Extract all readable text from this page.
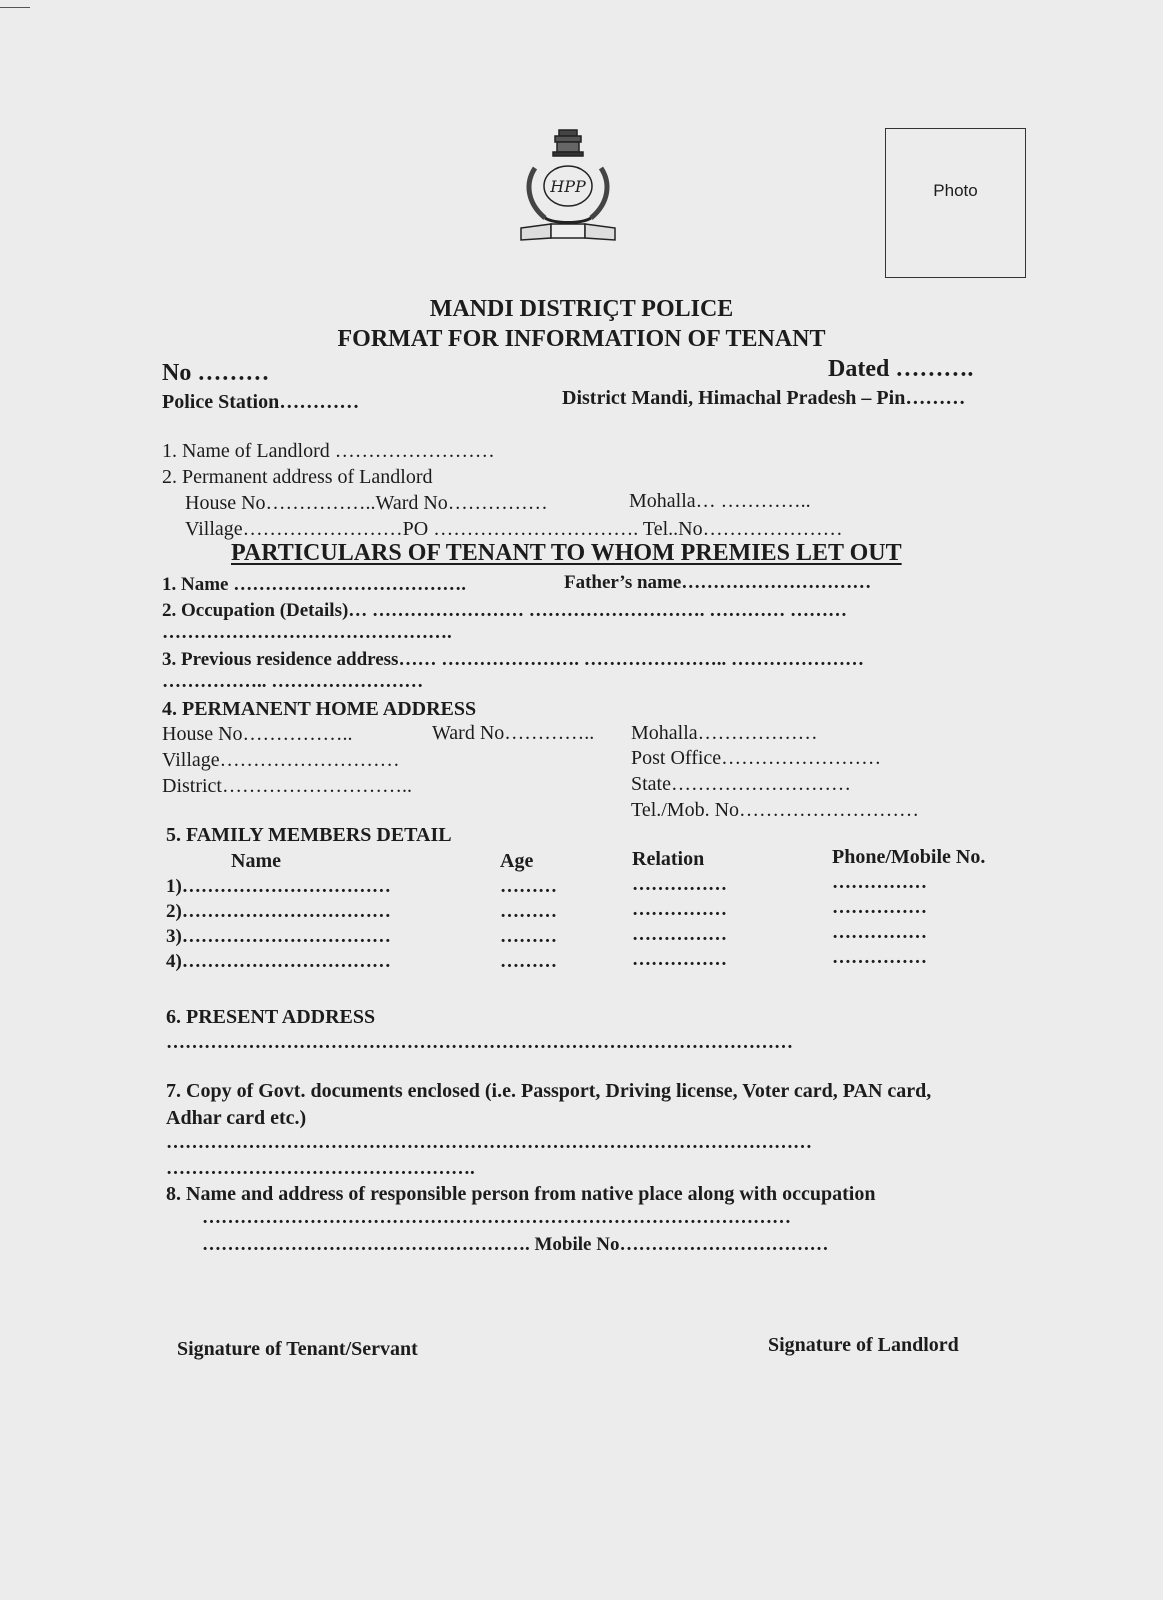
HPP	Photo
MANDI DISTRIÇT POLICE
FORMAT FOR INFORMATION OF TENANT
No ………	Dated ……….
Police Station…………	District Mandi, Himachal Pradesh – Pin………
1. Name of Landlord ……………………
2. Permanent address of Landlord
House No……………..Ward No……………	Mohalla… …………..
Village……………………PO …………………………. Tel..No…………………
PARTICULARS OF TENANT TO WHOM PREMIES LET OUT
1. Name ……………………………….	Father’s name…………………………
2. Occupation (Details)… …………………… ………………………. ………… ………
……………………………………….
3. Previous residence address…… …………………. ………………….. …………………
…………….. ……………………
4. PERMANENT HOME ADDRESS
House No……………..	Ward No………….. Mohalla………………
Village………………………	Post Office……………………
District………………………..	State………………………
Tel./Mob. No………………………
5. FAMILY MEMBERS DETAIL
Name	Age	Relation	Phone/Mobile No.
1)……………………………	………	……………	……………
2)……………………………	………	……………	……………
3)……………………………	………	……………	……………
4)……………………………	………	……………	……………
6. PRESENT ADDRESS
………………………………………………………………………………………
7. Copy of Govt. documents enclosed (i.e. Passport, Driving license, Voter card, PAN card,
Adhar card etc.)
…………………………………………………………………………………………
………………………………………….
8. Name and address of responsible person from native place along with occupation
…………………………………………………………………………………
……………………………………………. Mobile No……………………………
Signature of Tenant/Servant	Signature of Landlord
